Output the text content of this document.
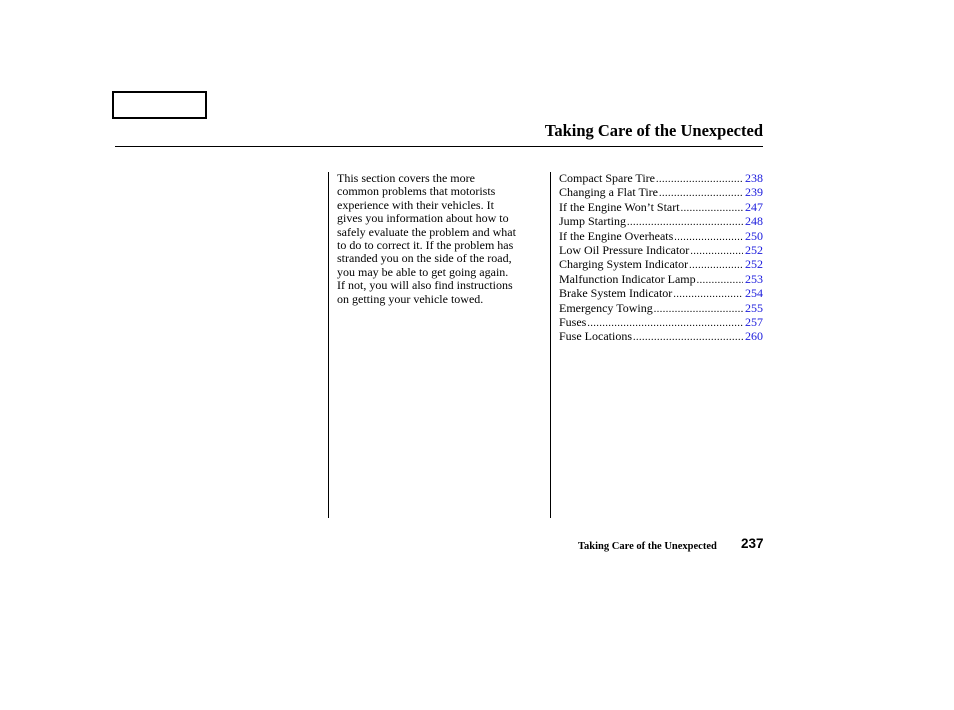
Taking Care of the Unexpected
This section covers the more
common problems that motorists
experience with their vehicles. It
gives you information about how to
safely evaluate the problem and what
to do to correct it. If the problem has
stranded you on the side of the road,
you may be able to get going again.
If not, you will also find instructions
on getting your vehicle towed.
Compact Spare Tire .....	238
Changing a Flat Tire .....	239
If the Engine Won’t Start .....	247
Jump Starting .....	248
If the Engine Overheats .....	250
Low Oil Pressure Indicator .....	252
Charging System Indicator .....	252
Malfunction Indicator Lamp .....	253
Brake System Indicator .....	254
Emergency Towing .....	255
Fuses .....	257
Fuse Locations .....	260
Taking Care of the Unexpected 237
